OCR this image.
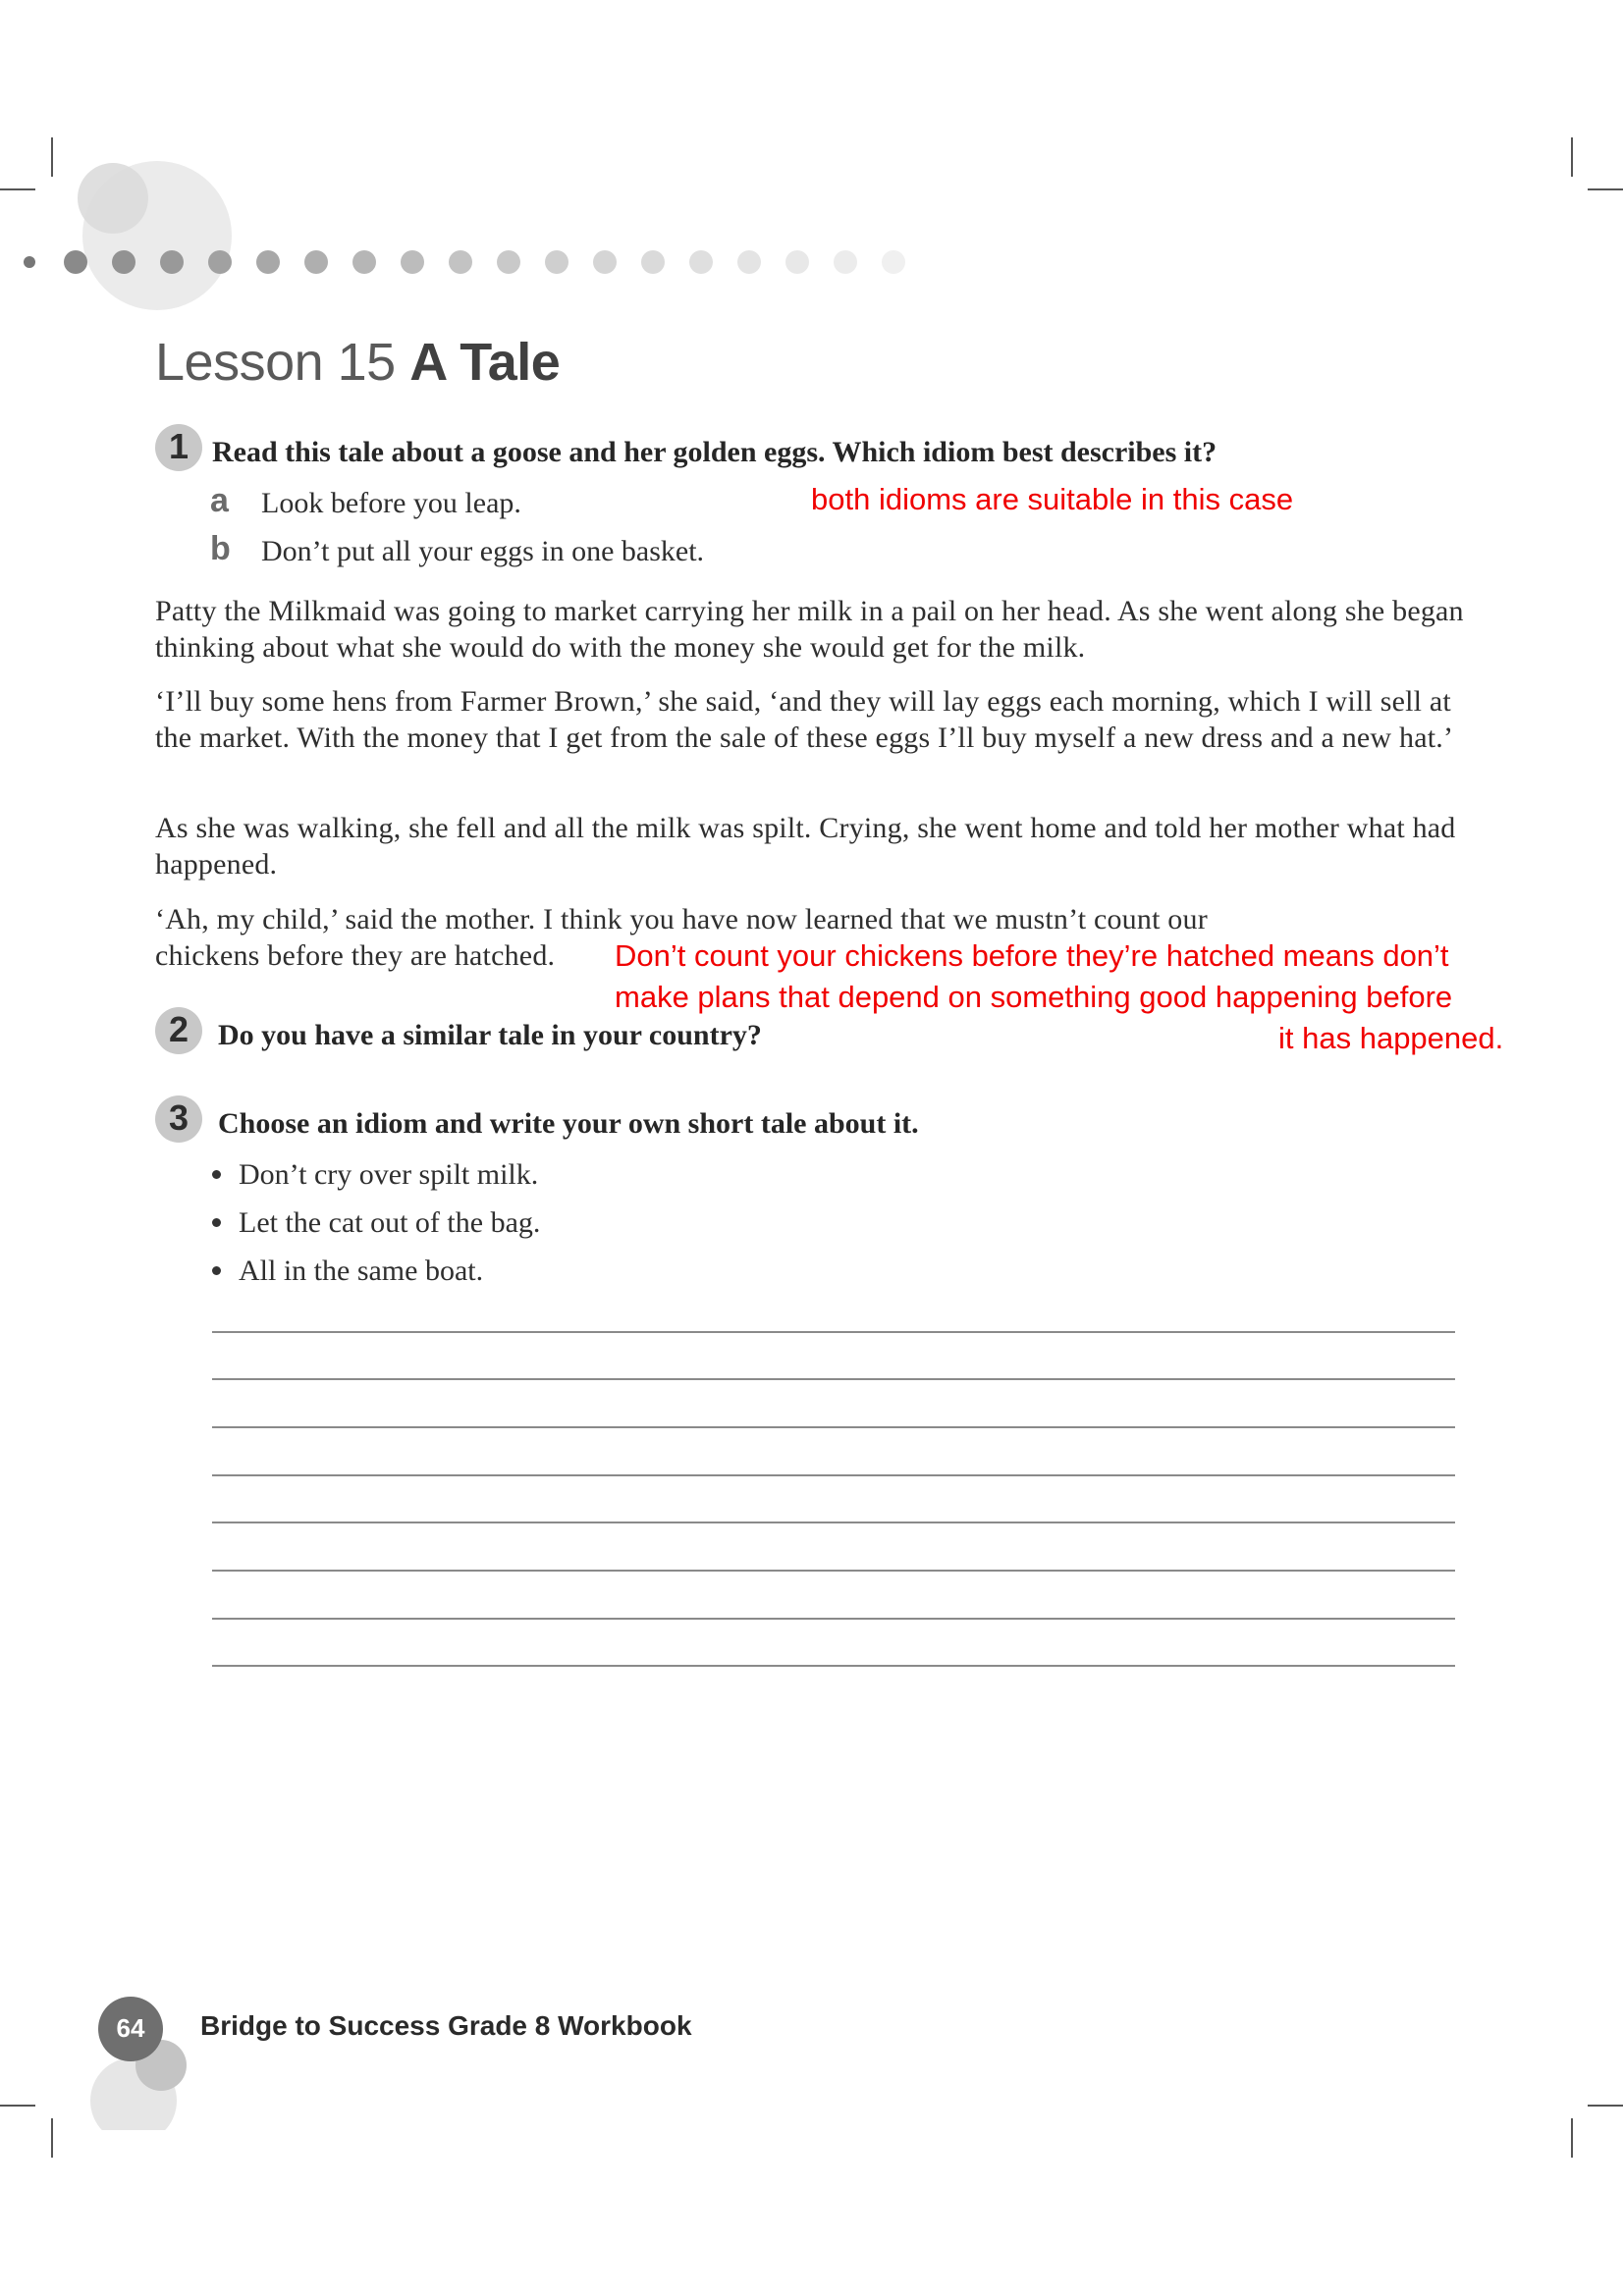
Lesson 15 A Tale
1 Read this tale about a goose and her golden eggs. Which idiom best describes it?
a Look before you leap.	both idioms are suitable in this case
b Don’t put all your eggs in one basket.
Patty the Milkmaid was going to market carrying her milk in a pail on her head. As she went along she began thinking about what she would do with the money she would get for the milk.
‘I’ll buy some hens from Farmer Brown,’ she said, ‘and they will lay eggs each morning, which I will sell at the market. With the money that I get from the sale of these eggs I’ll buy myself a new dress and a new hat.’
As she was walking, she fell and all the milk was spilt. Crying, she went home and told her mother what had happened.
‘Ah, my child,’ said the mother. I think you have now learned that we mustn’t count our
chickens before they are hatched.	Don’t count your chickens before they’re hatched means don’t
make plans that depend on something good happening before
it has happened.
2 Do you have a similar tale in your country?
3 Choose an idiom and write your own short tale about it.
Don’t cry over spilt milk.
Let the cat out of the bag.
All in the same boat.
64	Bridge to Success Grade 8 Workbook
